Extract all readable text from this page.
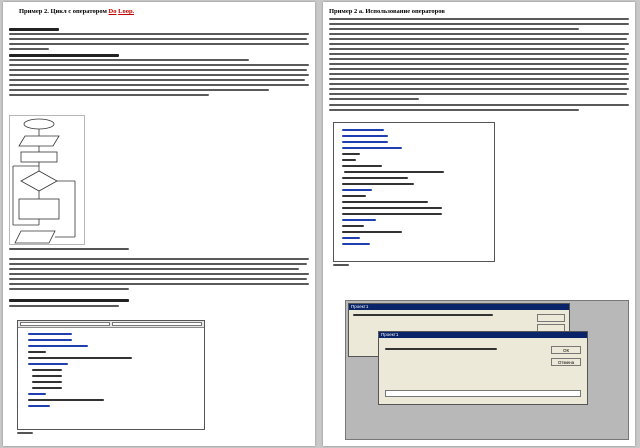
Пример 2. Цикл с оператором Do Loop.	Пример 2 а. Использование операторов
Проект1
Проект1
ОК
Отмена
